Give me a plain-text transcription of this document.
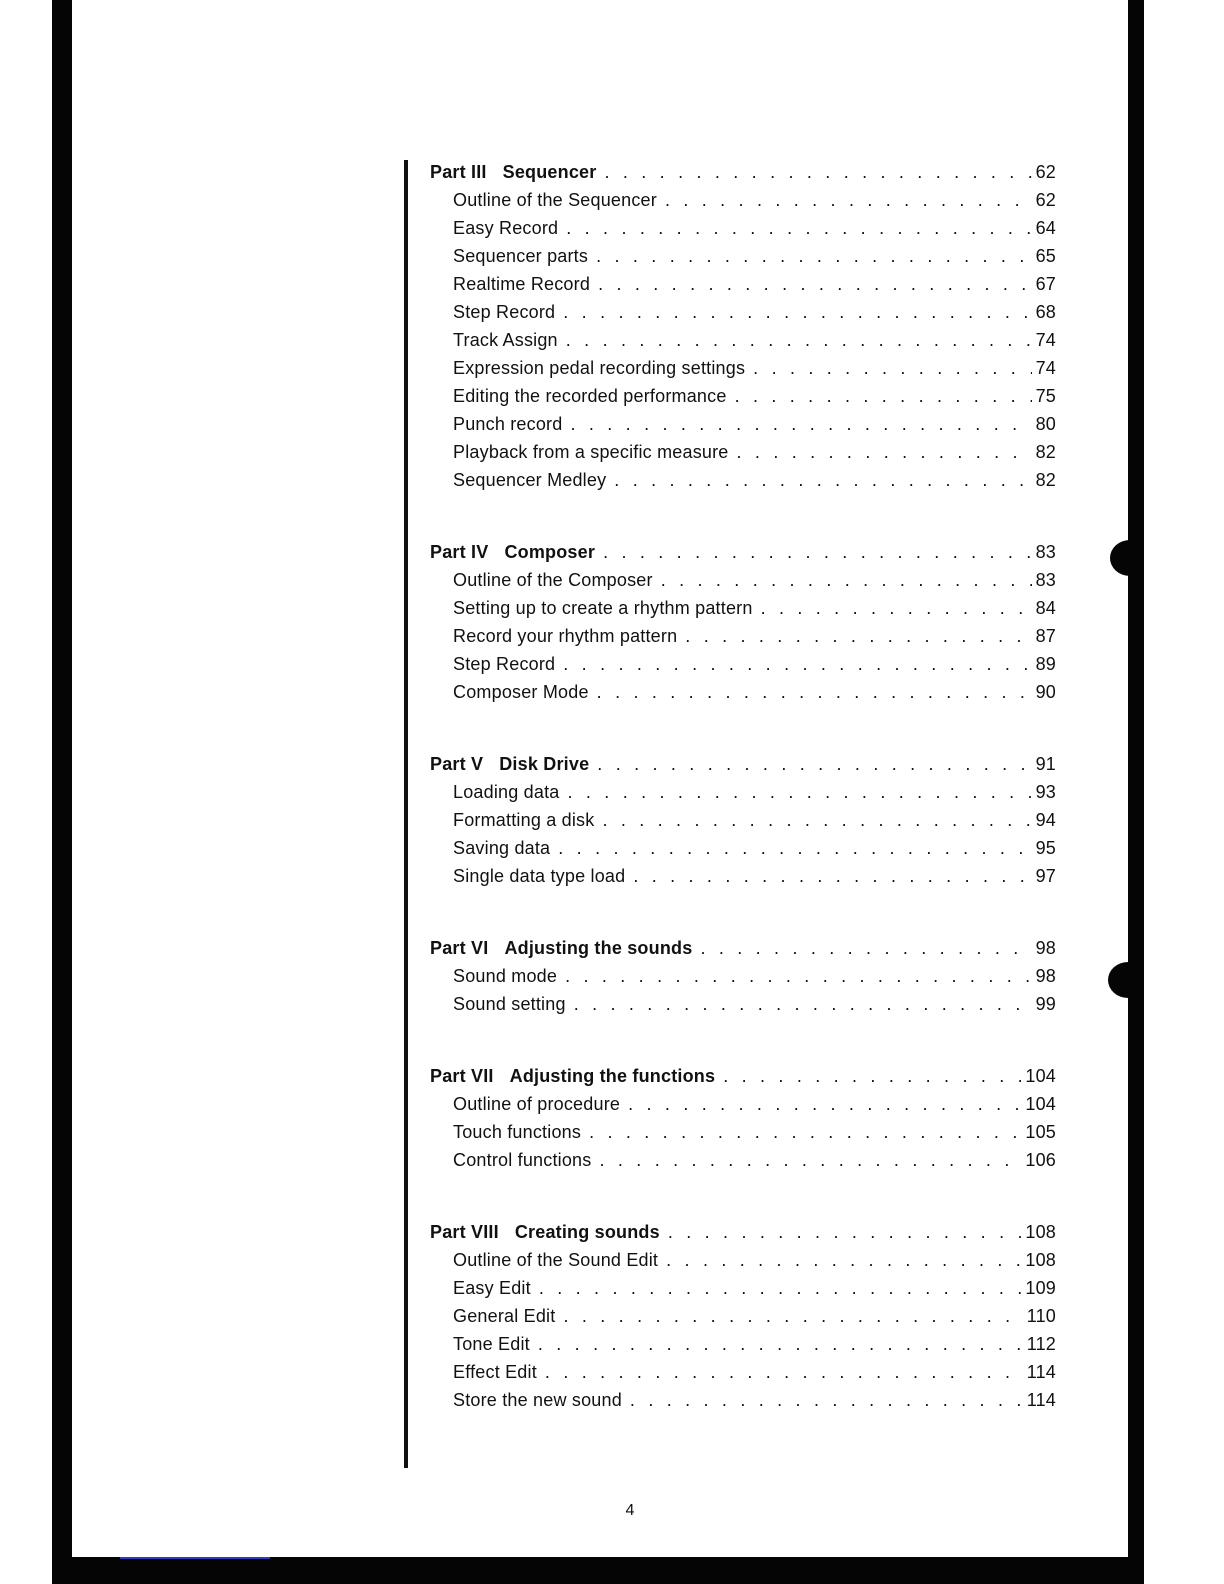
Part III Sequencer . . .	62
Outline of the Sequencer . . .	62
Easy Record . . .	64
Sequencer parts . . .	65
Realtime Record . . .	67
Step Record . . .	68
Track Assign . . .	74
Expression pedal recording settings . . .	74
Editing the recorded performance . . .	75
Punch record . . .	80
Playback from a specific measure . . .	82
Sequencer Medley . . .	82
Part IV Composer . . .	83
Outline of the Composer . . .	83
Setting up to create a rhythm pattern . . .	84
Record your rhythm pattern . . .	87
Step Record . . .	89
Composer Mode . . .	90
Part V Disk Drive . . .	91
Loading data . . .	93
Formatting a disk . . .	94
Saving data . . .	95
Single data type load . . .	97
Part VI Adjusting the sounds . . .	98
Sound mode . . .	98
Sound setting . . .	99
Part VII Adjusting the functions . . .	104
Outline of procedure . . .	104
Touch functions . . .	105
Control functions . . .	106
Part VIII Creating sounds . . .	108
Outline of the Sound Edit . . .	108
Easy Edit . . .	109
General Edit . . .	110
Tone Edit . . .	112
Effect Edit . . .	114
Store the new sound . . .	114
4
